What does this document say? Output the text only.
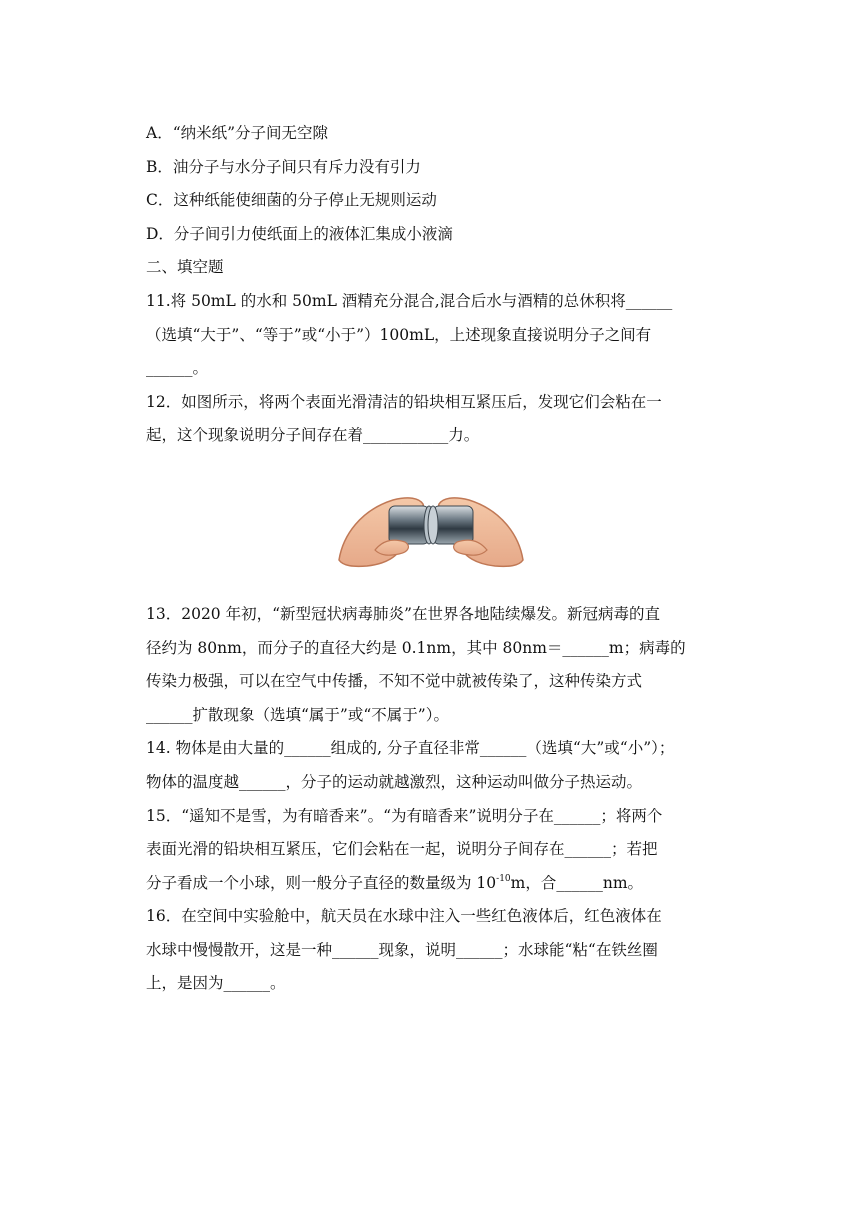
A．“纳米纸”分子间无空隙
B．油分子与水分子间只有斥力没有引力
C．这种纸能使细菌的分子停止无规则运动
D．分子间引力使纸面上的液体汇集成小液滴
二、填空题
11.将 50mL 的水和 50mL 酒精充分混合,混合后水与酒精的总休积将______
（选填“大于”、“等于”或“小于”）100mL，上述现象直接说明分子之间有
______。
12．如图所示，将两个表面光滑清洁的铅块相互紧压后，发现它们会粘在一
起，这个现象说明分子间存在着___________力。
13．2020 年初，“新型冠状病毒肺炎”在世界各地陆续爆发。新冠病毒的直
径约为 80nm，而分子的直径大约是 0.1nm，其中 80nm＝______m；病毒的
传染力极强，可以在空气中传播，不知不觉中就被传染了，这种传染方式
______扩散现象（选填“属于”或“不属于”）。
14. 物体是由大量的______组成的, 分子直径非常______（选填“大”或“小”）；
物体的温度越______，分子的运动就越激烈，这种运动叫做分子热运动。
15．“遥知不是雪，为有暗香来”。“为有暗香来”说明分子在______；将两个
表面光滑的铅块相互紧压，它们会粘在一起，说明分子间存在______；若把
分子看成一个小球，则一般分子直径的数量级为 $10^{-10}m$，合______nm。
16．在空间中实验舱中，航天员在水球中注入一些红色液体后，红色液体在
水球中慢慢散开，这是一种______现象，说明______；水球能“粘“在铁丝圈
上，是因为______。
